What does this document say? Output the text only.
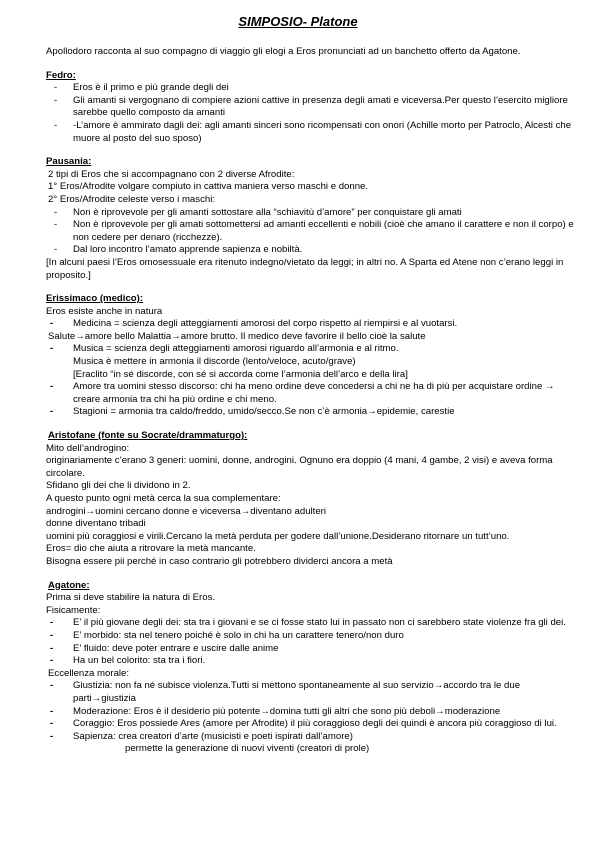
SIMPOSIO- Platone

Apollodoro racconta al suo compagno di viaggio gli elogi a Eros pronunciati ad un banchetto offerto da Agatone.

Fedro:

- Eros è il primo e più grande degli dei

- Gli amanti si vergognano di compiere azioni cattive in presenza degli amati e viceversa.Per questo l’esercito migliore sarebbe quello composto da amanti

- -L’amore è ammirato dagli dei: agli amanti sinceri sono ricompensati con onori (Achille morto per Patroclo, Alcesti che muore al posto del suo sposo)

Pausania:

2 tipi di Eros che si accompagnano con 2 diverse Afrodite:

1° Eros/Afrodite volgare compiuto in cattiva maniera verso maschi e donne.

2° Eros/Afrodite celeste verso i maschi:

- Non è riprovevole per gli amanti sottostare alla “schiavitù d’amore” per conquistare gli amati

- Non è riprovevole per gli amati sottomettersi ad amanti eccellenti e nobili (cioè che amano il carattere e non il corpo) e non cedere per denaro (ricchezze).

- Dal loro incontro l’amato apprende sapienza e nobiltà.

[In alcuni paesi l’Eros omosessuale era ritenuto indegno/vietato da leggi; in altri no. A Sparta ed Atene non c’erano leggi in proposito.]

Erissimaco (medico):

Eros esiste anche in natura

- Medicina = scienza degli atteggiamenti amorosi del corpo rispetto al riempirsi e al vuotarsi.

Salute→amore bello Malattia→amore brutto. Il medico deve favorire il bello cioè la salute

- Musica = scienza degli atteggiamenti amorosi riguardo all’armonia e al ritmo.

Musica è mettere in armonia il discorde (lento/veloce, acuto/grave)

[Eraclito “in sé discorde, con sé si accorda come l’armonia dell’arco e della lira]

- Amore tra uomini stesso discorso: chi ha meno ordine deve concedersi a chi ne ha di più per acquistare ordine → creare armonia tra chi ha più ordine e chi meno.

- Stagioni = armonia tra caldo/freddo, umido/secco.Se non c’è armonia→epidemie, carestie

Aristofane (fonte su Socrate/drammaturgo):

Mito dell’androgino:

originariamente c’erano 3 generi: uomini, donne, androgini. Ognuno era doppio (4 mani, 4 gambe, 2 visi) e aveva forma circolare.

Sfidano gli dei che li dividono in 2.

A questo punto ogni metà cerca la sua complementare:

androgini→uomini cercano donne e viceversa→diventano adulteri

donne diventano tribadi

uomini più coraggiosi e virili.Cercano la metà perduta per godere dall’unione.Desiderano ritornare un tutt’uno.

Eros= dio che aiuta a ritrovare la metà mancante.

Bisogna essere pii perché in caso contrario gli potrebbero dividerci ancora a metà

Agatone:

Prima si deve stabilire la natura di Eros.

Fisicamente:

- E’ il più giovane degli dei: sta tra i giovani e se ci fosse stato lui in passato non ci sarebbero state violenze fra gli dei.

- E’ morbido: sta nel tenero poiché è solo in chi ha un carattere tenero/non duro

- E’ fluido: deve poter entrare e uscire dalle anime

- Ha un bel colorito: sta tra i fiori.

Eccellenza morale:

- Giustizia: non fa né subisce violenza.Tutti si mettono spontaneamente al suo servizio→accordo tra le due parti→giustizia

- Moderazione: Eros è il desiderio più potente→domina tutti gli altri che sono più deboli→moderazione

- Coraggio: Eros possiede Ares (amore per Afrodite) il più coraggioso degli dei quindi è ancora più coraggioso di lui.

- Sapienza: crea creatori d’arte (musicisti e poeti ispirati dall’amore)

permette la generazione di nuovi viventi (creatori di prole)
